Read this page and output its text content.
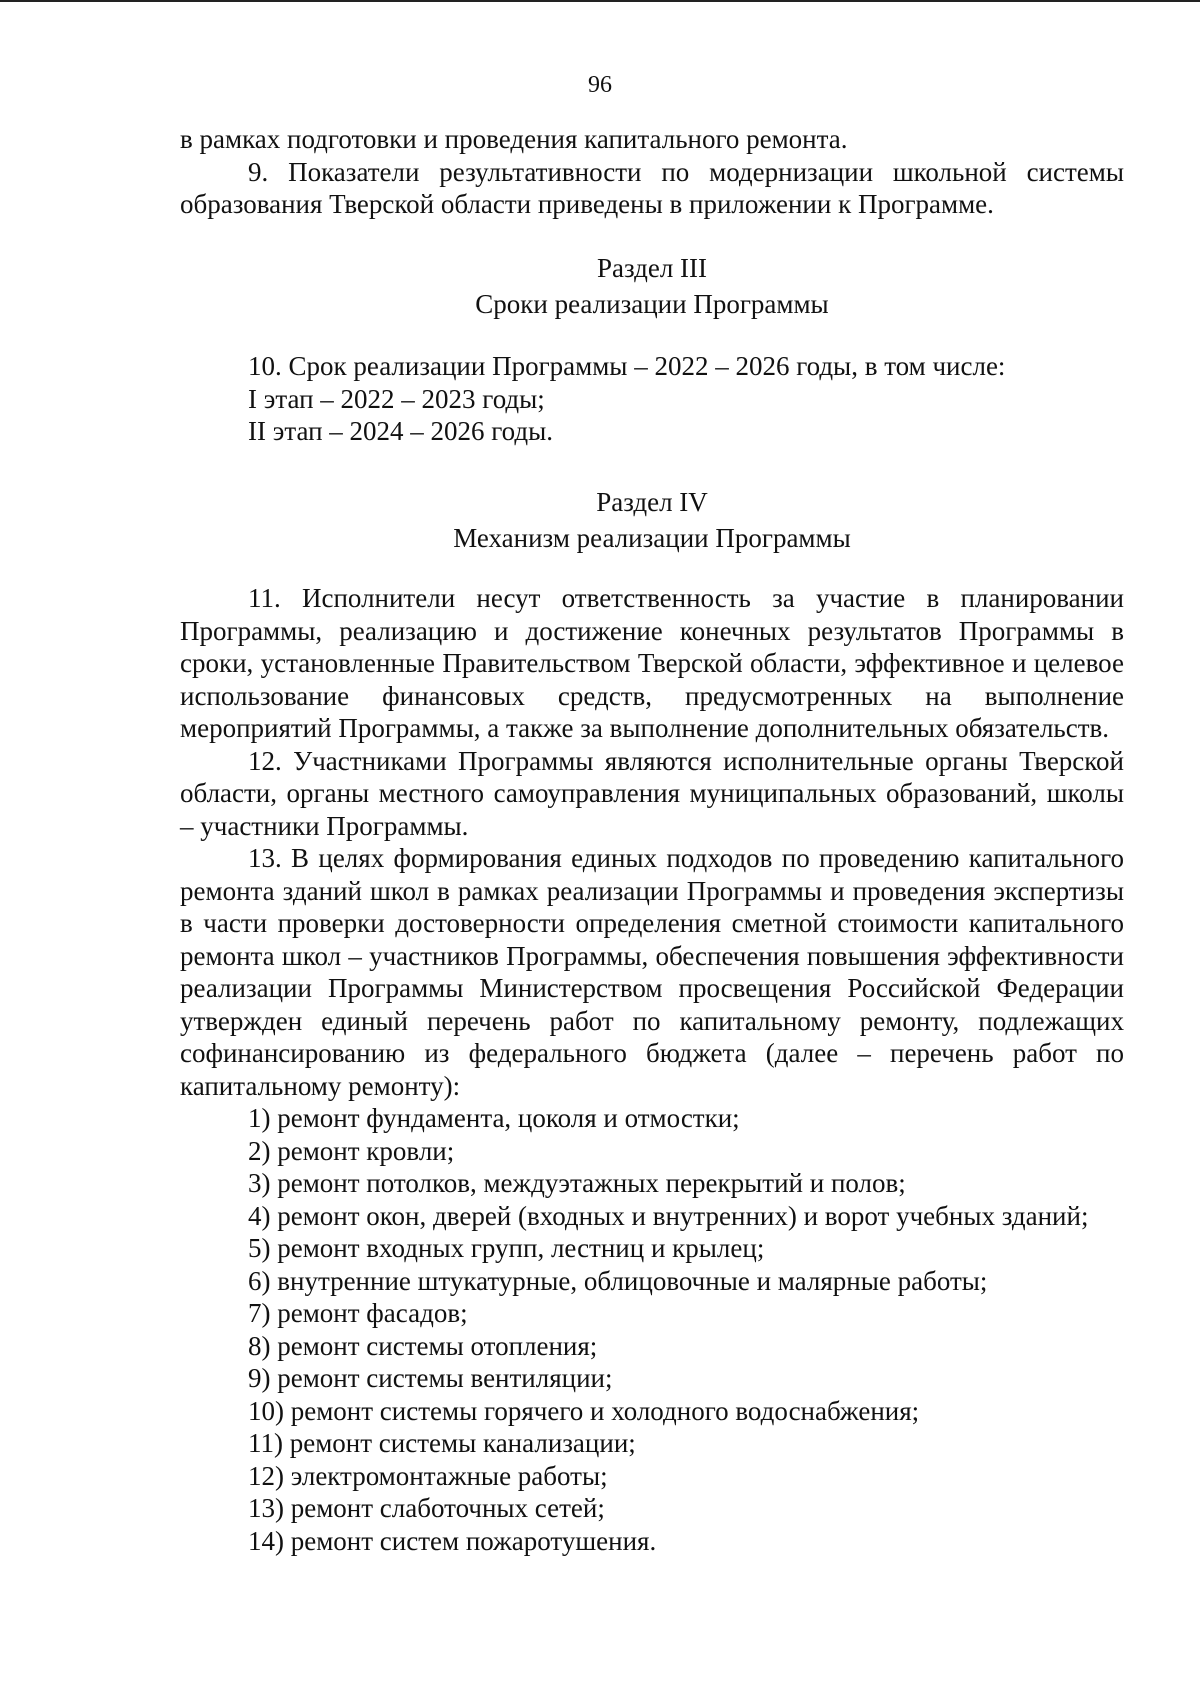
96

в рамках подготовки и проведения капитального ремонта.

9. Показатели результативности по модернизации школьной системы образования Тверской области приведены в приложении к Программе.

Раздел III

Сроки реализации Программы

10. Срок реализации Программы – 2022 – 2026 годы, в том числе:

I этап – 2022 – 2023 годы;

II этап – 2024 – 2026 годы.

Раздел IV

Механизм реализации Программы

11. Исполнители несут ответственность за участие в планировании Программы, реализацию и достижение конечных результатов Программы в сроки, установленные Правительством Тверской области, эффективное и целевое использование финансовых средств, предусмотренных на выполнение мероприятий Программы, а также за выполнение дополнительных обязательств.

12. Участниками Программы являются исполнительные органы Тверской области, органы местного самоуправления муниципальных образований, школы – участники Программы.

13. В целях формирования единых подходов по проведению капитального ремонта зданий школ в рамках реализации Программы и проведения экспертизы в части проверки достоверности определения сметной стоимости капитального ремонта школ – участников Программы, обеспечения повышения эффективности реализации Программы Министерством просвещения Российской Федерации утвержден единый перечень работ по капитальному ремонту, подлежащих софинансированию из федерального бюджета (далее – перечень работ по капитальному ремонту):

1) ремонт фундамента, цоколя и отмостки;

2) ремонт кровли;

3) ремонт потолков, междуэтажных перекрытий и полов;

4) ремонт окон, дверей (входных и внутренних) и ворот учебных зданий;

5) ремонт входных групп, лестниц и крылец;

6) внутренние штукатурные, облицовочные и малярные работы;

7) ремонт фасадов;

8) ремонт системы отопления;

9) ремонт системы вентиляции;

10) ремонт системы горячего и холодного водоснабжения;

11) ремонт системы канализации;

12) электромонтажные работы;

13) ремонт слаботочных сетей;

14) ремонт систем пожаротушения.
